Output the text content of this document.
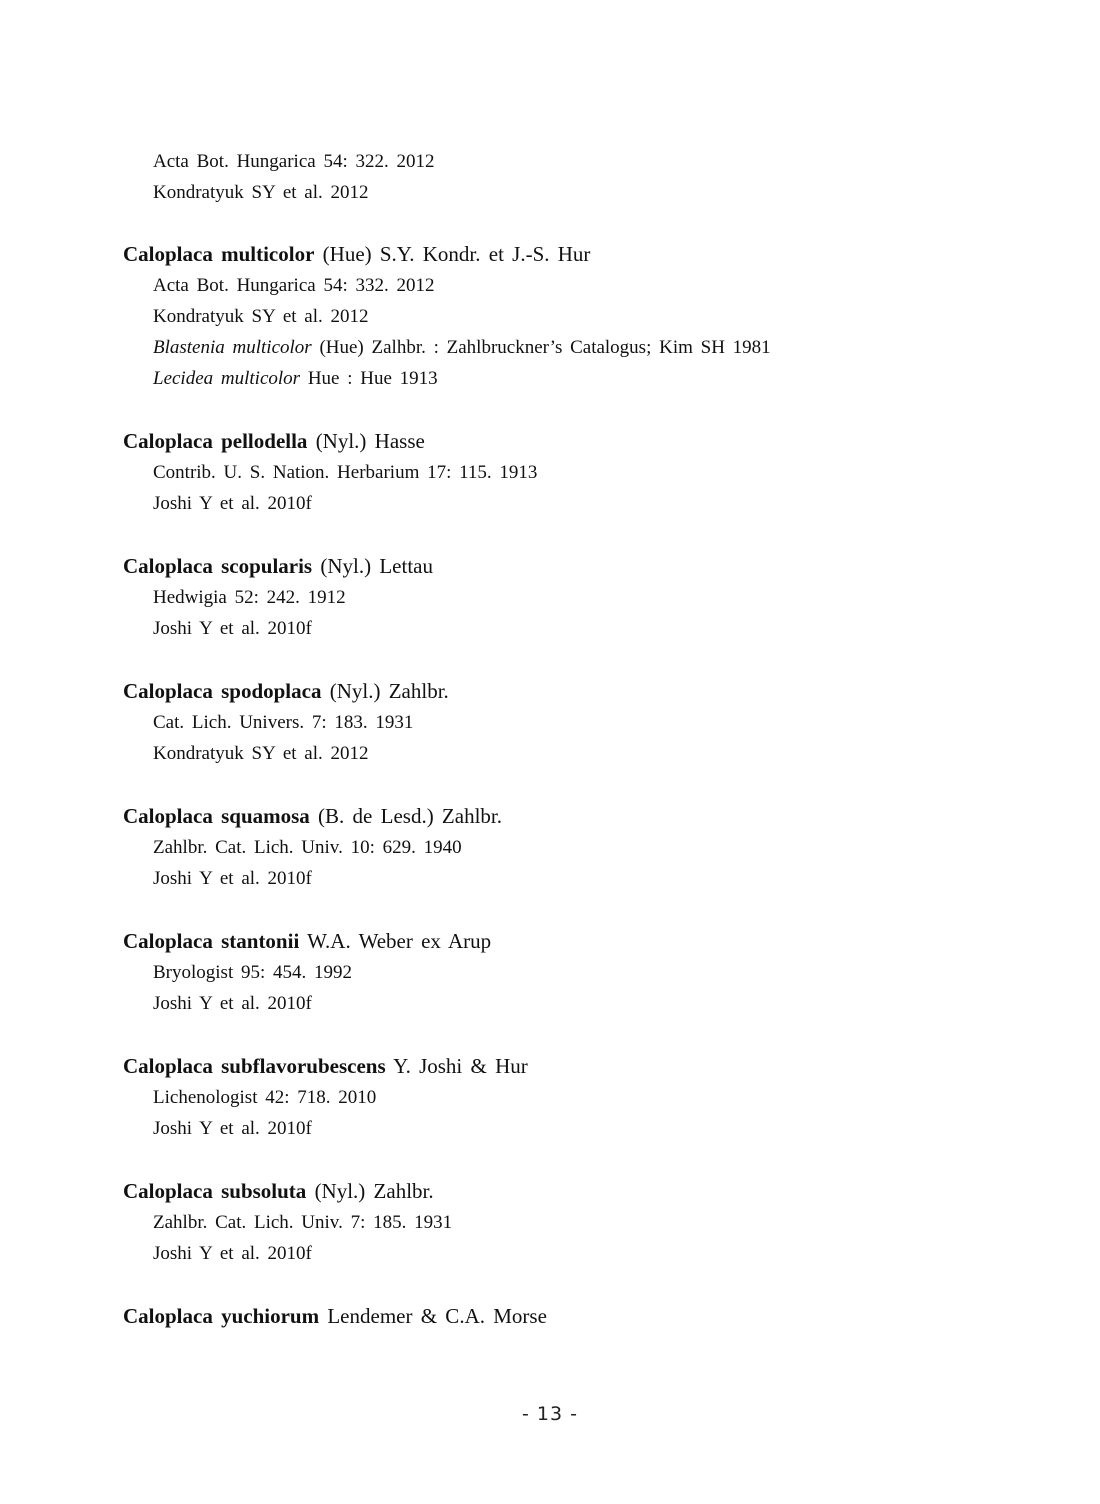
Acta Bot. Hungarica 54: 322. 2012
Kondratyuk SY et al. 2012
Caloplaca multicolor (Hue) S.Y. Kondr. et J.-S. Hur
Acta Bot. Hungarica 54: 332. 2012
Kondratyuk SY et al. 2012
Blastenia multicolor (Hue) Zalhbr. : Zahlbruckner’s Catalogus; Kim SH 1981
Lecidea multicolor Hue : Hue 1913
Caloplaca pellodella (Nyl.) Hasse
Contrib. U. S. Nation. Herbarium 17: 115. 1913
Joshi Y et al. 2010f
Caloplaca scopularis (Nyl.) Lettau
Hedwigia 52: 242. 1912
Joshi Y et al. 2010f
Caloplaca spodoplaca (Nyl.) Zahlbr.
Cat. Lich. Univers. 7: 183. 1931
Kondratyuk SY et al. 2012
Caloplaca squamosa (B. de Lesd.) Zahlbr.
Zahlbr. Cat. Lich. Univ. 10: 629. 1940
Joshi Y et al. 2010f
Caloplaca stantonii W.A. Weber ex Arup
Bryologist 95: 454. 1992
Joshi Y et al. 2010f
Caloplaca subflavorubescens Y. Joshi & Hur
Lichenologist 42: 718. 2010
Joshi Y et al. 2010f
Caloplaca subsoluta (Nyl.) Zahlbr.
Zahlbr. Cat. Lich. Univ. 7: 185. 1931
Joshi Y et al. 2010f
Caloplaca yuchiorum Lendemer & C.A. Morse
- 13 -
